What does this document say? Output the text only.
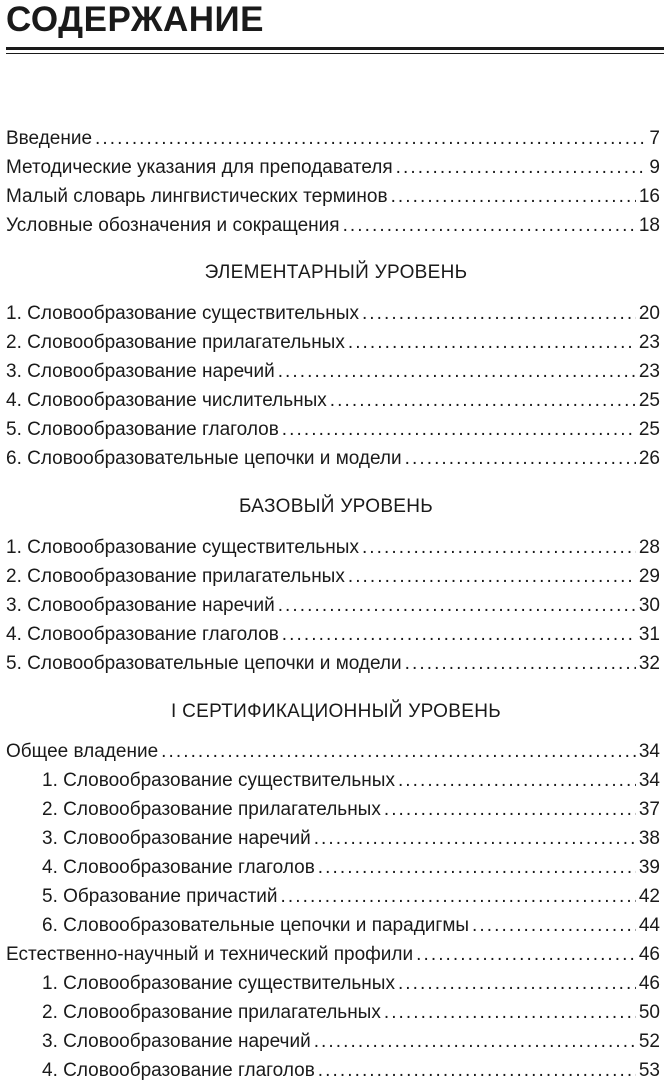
СОДЕРЖАНИЕ
Введение . . .	7
Методические указания для преподавателя . . .	9
Малый словарь лингвистических терминов . . .	16
Условные обозначения и сокращения . . .	18
ЭЛЕМЕНТАРНЫЙ УРОВЕНЬ
1. Словообразование существительных . . .	20
2. Словообразование прилагательных . . .	23
3. Словообразование наречий . . .	23
4. Словообразование числительных . . .	25
5. Словообразование глаголов . . .	25
6. Словообразовательные цепочки и модели . . .	26
БАЗОВЫЙ УРОВЕНЬ
1. Словообразование существительных . . .	28
2. Словообразование прилагательных . . .	29
3. Словообразование наречий . . .	30
4. Словообразование глаголов . . .	31
5. Словообразовательные цепочки и модели . . .	32
I СЕРТИФИКАЦИОННЫЙ УРОВЕНЬ
Общее владение . . .	34
1. Словообразование существительных . . .	34
2. Словообразование прилагательных . . .	37
3. Словообразование наречий . . .	38
4. Словообразование глаголов . . .	39
5. Образование причастий . . .	42
6. Словообразовательные цепочки и парадигмы . . .	44
Естественно-научный и технический профили . . .	46
1. Словообразование существительных . . .	46
2. Словообразование прилагательных . . .	50
3. Словообразование наречий . . .	52
4. Словообразование глаголов . . .	53
